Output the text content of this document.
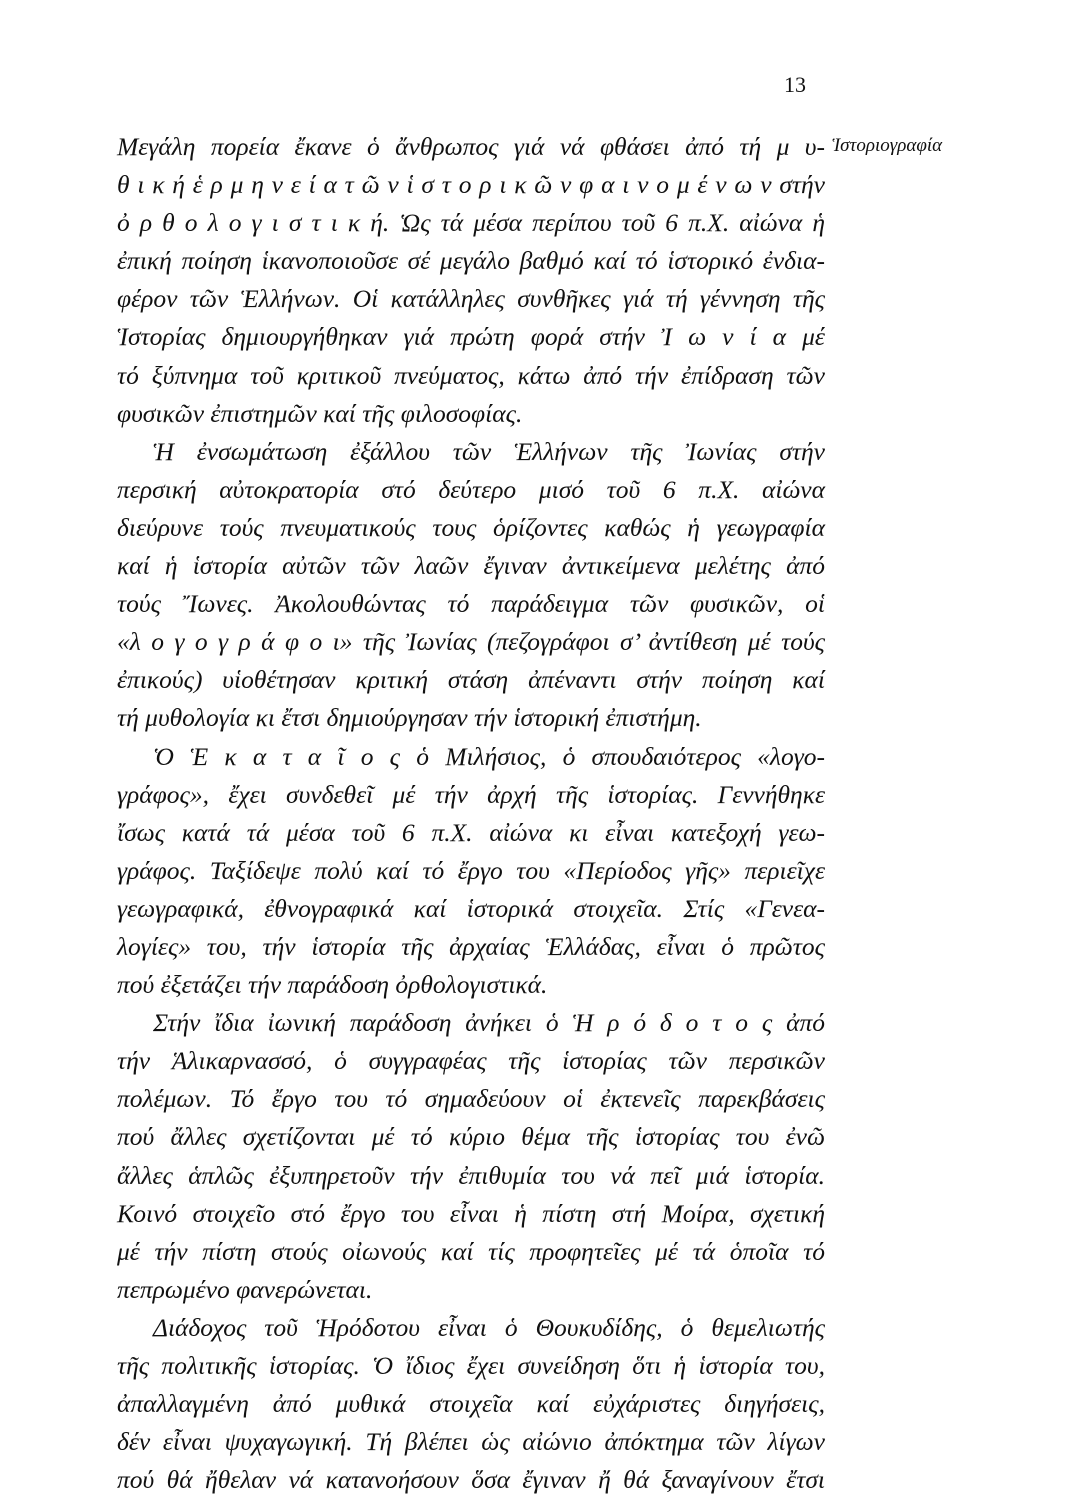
13
Ἱστοριογραφία
Μεγάλη πορεία ἔκανε ὁ ἄνθρωπος γιά νά φθάσει ἀπό τή μ υ-
θ ι κ ή ἑ ρ μ η ν ε ί α τ ῶ ν ἱ σ τ ο ρ ι κ ῶ ν φ α ι ν ο μ έ ν ω ν στήν
ὀ ρ θ ο λ ο γ ι σ τ ι κ ή. Ὡς τά μέσα περίπου τοῦ 6 π.Χ. αἰώνα ἡ
ἐπική ποίηση ἱκανοποιοῦσε σέ μεγάλο βαθμό καί τό ἱστορικό ἐνδια-
φέρον τῶν Ἑλλήνων. Οἱ κατάλληλες συνθῆκες γιά τή γέννηση τῆς
Ἱστορίας δημιουργήθηκαν γιά πρώτη φορά στήν Ἰ ω ν ί α μέ
τό ξύπνημα τοῦ κριτικοῦ πνεύματος, κάτω ἀπό τήν ἐπίδραση τῶν
φυσικῶν ἐπιστημῶν καί τῆς φιλοσοφίας.
Ἡ ἐνσωμάτωση ἐξάλλου τῶν Ἑλλήνων τῆς Ἰωνίας στήν
περσική αὐτοκρατορία στό δεύτερο μισό τοῦ 6 π.Χ. αἰώνα
διεύρυνε τούς πνευματικούς τους ὁρίζοντες καθώς ἡ γεωγραφία
καί ἡ ἱστορία αὐτῶν τῶν λαῶν ἔγιναν ἀντικείμενα μελέτης ἀπό
τούς Ἴωνες. Ἀκολουθώντας τό παράδειγμα τῶν φυσικῶν, οἱ
«λ ο γ ο γ ρ ά φ ο ι» τῆς Ἰωνίας (πεζογράφοι σ’ ἀντίθεση μέ τούς
ἐπικούς) υἱοθέτησαν κριτική στάση ἀπέναντι στήν ποίηση καί
τή μυθολογία κι ἔτσι δημιούργησαν τήν ἱστορική ἐπιστήμη.
Ὁ Ἑ κ α τ α ῖ ο ς ὁ Μιλήσιος, ὁ σπουδαιότερος «λογο-
γράφος», ἔχει συνδεθεῖ μέ τήν ἀρχή τῆς ἱστορίας. Γεννήθηκε
ἴσως κατά τά μέσα τοῦ 6 π.Χ. αἰώνα κι εἶναι κατεξοχή γεω-
γράφος. Ταξίδεψε πολύ καί τό ἔργο του «Περίοδος γῆς» περιεῖχε
γεωγραφικά, ἐθνογραφικά καί ἱστορικά στοιχεῖα. Στίς «Γενεα-
λογίες» του, τήν ἱστορία τῆς ἀρχαίας Ἑλλάδας, εἶναι ὁ πρῶτος
πού ἐξετάζει τήν παράδοση ὀρθολογιστικά.
Στήν ἴδια ἰωνική παράδοση ἀνήκει ὁ Ἡ ρ ό δ ο τ ο ς ἀπό
τήν Ἁλικαρνασσό, ὁ συγγραφέας τῆς ἱστορίας τῶν περσικῶν
πολέμων. Τό ἔργο του τό σημαδεύουν οἱ ἐκτενεῖς παρεκβάσεις
πού ἄλλες σχετίζονται μέ τό κύριο θέμα τῆς ἱστορίας του ἐνῶ
ἄλλες ἁπλῶς ἐξυπηρετοῦν τήν ἐπιθυμία του νά πεῖ μιά ἱστορία.
Κοινό στοιχεῖο στό ἔργο του εἶναι ἡ πίστη στή Μοίρα, σχετική
μέ τήν πίστη στούς οἰωνούς καί τίς προφητεῖες μέ τά ὁποῖα τό
πεπρωμένο φανερώνεται.
Διάδοχος τοῦ Ἡρόδοτου εἶναι ὁ Θουκυδίδης, ὁ θεμελιωτής
τῆς πολιτικῆς ἱστορίας. Ὁ ἴδιος ἔχει συνείδηση ὅτι ἡ ἱστορία του,
ἀπαλλαγμένη ἀπό μυθικά στοιχεῖα καί εὐχάριστες διηγήσεις,
δέν εἶναι ψυχαγωγική. Τή βλέπει ὡς αἰώνιο ἀπόκτημα τῶν λίγων
πού θά ἤθελαν νά κατανοήσουν ὅσα ἔγιναν ἤ θά ξαναγίνουν ἔτσι
